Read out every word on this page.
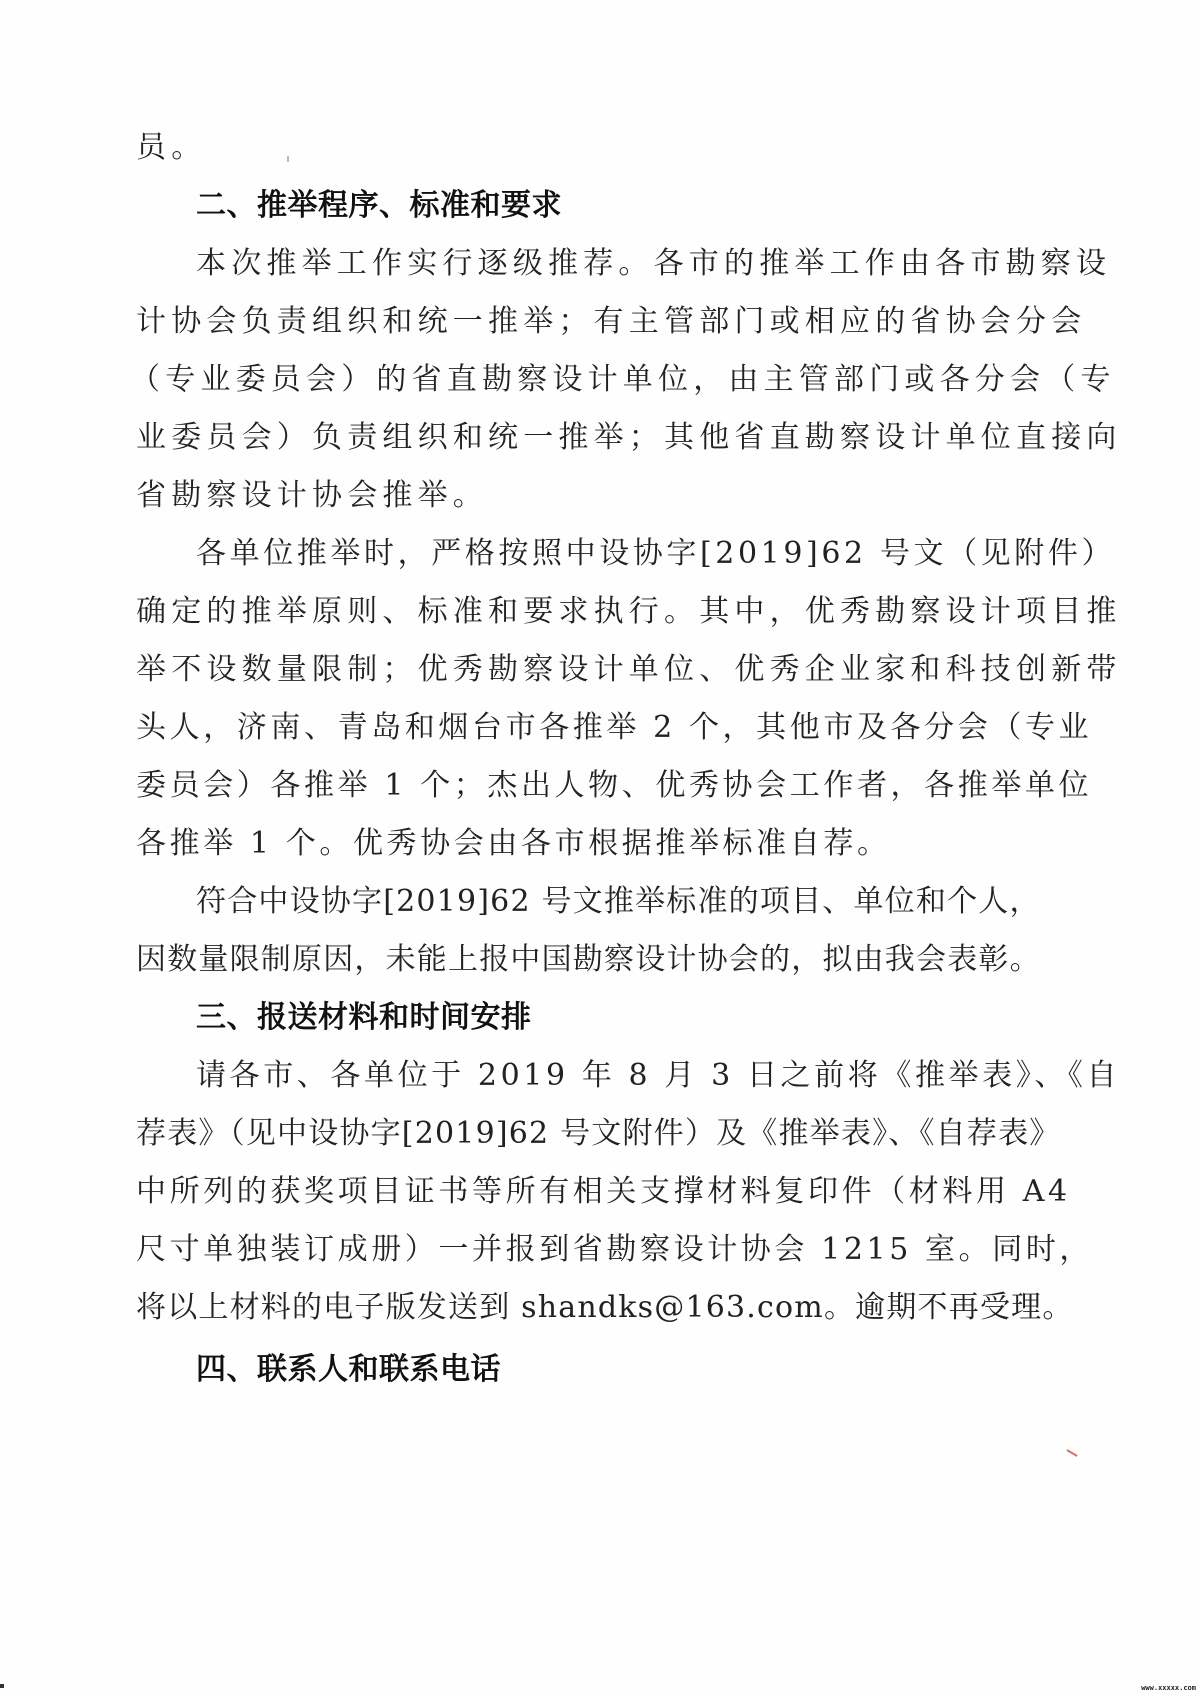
员。
二、推举程序、标准和要求
本次推举工作实行逐级推荐。各市的推举工作由各市勘察设
计协会负责组织和统一推举；有主管部门或相应的省协会分会
（专业委员会）的省直勘察设计单位，由主管部门或各分会（专
业委员会）负责组织和统一推举；其他省直勘察设计单位直接向
省勘察设计协会推举。
各单位推举时，严格按照中设协字[2019]62 号文（见附件）
确定的推举原则、标准和要求执行。其中，优秀勘察设计项目推
举不设数量限制；优秀勘察设计单位、优秀企业家和科技创新带
头人，济南、青岛和烟台市各推举 2 个，其他市及各分会（专业
委员会）各推举 1 个；杰出人物、优秀协会工作者，各推举单位
各推举 1 个。优秀协会由各市根据推举标准自荐。
符合中设协字[2019]62 号文推举标准的项目、单位和个人，
因数量限制原因，未能上报中国勘察设计协会的，拟由我会表彰。
三、报送材料和时间安排
请各市、各单位于 2019 年 8 月 3 日之前将《推举表》、《自
荐表》（见中设协字[2019]62 号文附件）及《推举表》、《自荐表》
中所列的获奖项目证书等所有相关支撑材料复印件（材料用 A4
尺寸单独装订成册）一并报到省勘察设计协会 1215 室。同时，
将以上材料的电子版发送到 shandks@163.com。逾期不再受理。
四、联系人和联系电话
www.xxxxx.com
